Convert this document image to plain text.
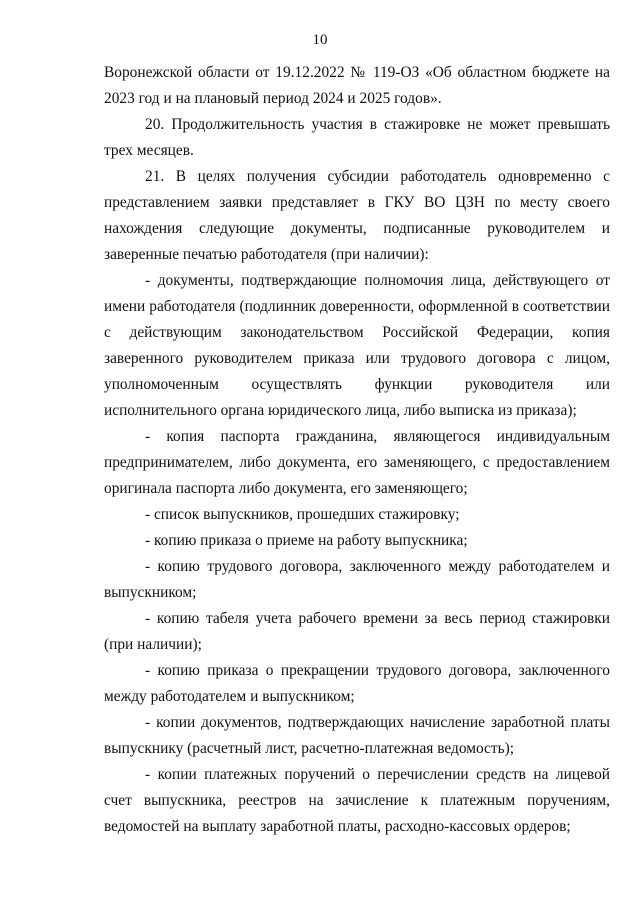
10

Воронежской области от 19.12.2022 № 119-ОЗ «Об областном бюджете на 2023 год и на плановый период 2024 и 2025 годов».

20. Продолжительность участия в стажировке не может превышать трех месяцев.

21. В целях получения субсидии работодатель одновременно с представлением заявки представляет в ГКУ ВО ЦЗН по месту своего нахождения следующие документы, подписанные руководителем и заверенные печатью работодателя (при наличии):

- документы, подтверждающие полномочия лица, действующего от имени работодателя (подлинник доверенности, оформленной в соответствии с действующим законодательством Российской Федерации, копия заверенного руководителем приказа или трудового договора с лицом, уполномоченным осуществлять функции руководителя или исполнительного органа юридического лица, либо выписка из приказа);

- копия паспорта гражданина, являющегося индивидуальным предпринимателем, либо документа, его заменяющего, с предоставлением оригинала паспорта либо документа, его заменяющего;

- список выпускников, прошедших стажировку;

- копию приказа о приеме на работу выпускника;

- копию трудового договора, заключенного между работодателем и выпускником;

- копию табеля учета рабочего времени за весь период стажировки (при наличии);

- копию приказа о прекращении трудового договора, заключенного между работодателем и выпускником;

- копии документов, подтверждающих начисление заработной платы выпускнику (расчетный лист, расчетно-платежная ведомость);

- копии платежных поручений о перечислении средств на лицевой счет выпускника, реестров на зачисление к платежным поручениям, ведомостей на выплату заработной платы, расходно-кассовых ордеров;
